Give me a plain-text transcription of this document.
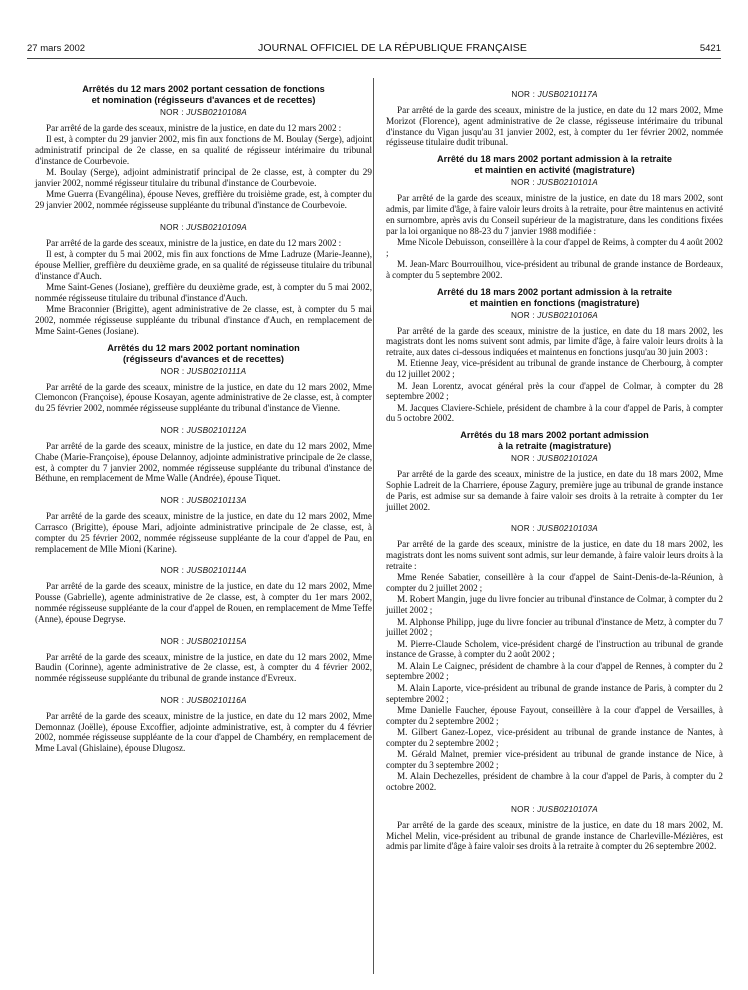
27 mars 2002	JOURNAL OFFICIEL DE LA RÉPUBLIQUE FRANÇAISE	5421
Arrêtés du 12 mars 2002 portant cessation de fonctions
et nomination (régisseurs d'avances et de recettes)
NOR : JUSB0210108A

Par arrêté de la garde des sceaux, ministre de la justice, en date du 12 mars 2002 :

Il est, à compter du 29 janvier 2002, mis fin aux fonctions de M. Boulay (Serge), adjoint administratif principal de 2e classe, en sa qualité de régisseur intérimaire du tribunal d'instance de Courbevoie.

M. Boulay (Serge), adjoint administratif principal de 2e classe, est, à compter du 29 janvier 2002, nommé régisseur titulaire du tribunal d'instance de Courbevoie.

Mme Guerra (Evangélina), épouse Neves, greffière du troisième grade, est, à compter du 29 janvier 2002, nommée régisseuse suppléante du tribunal d'instance de Courbevoie.

NOR : JUSB0210109A

Par arrêté de la garde des sceaux, ministre de la justice, en date du 12 mars 2002 :

Il est, à compter du 5 mai 2002, mis fin aux fonctions de Mme Ladruze (Marie-Jeanne), épouse Mellier, greffière du deuxième grade, en sa qualité de régisseuse titulaire du tribunal d'instance d'Auch.

Mme Saint-Genes (Josiane), greffière du deuxième grade, est, à compter du 5 mai 2002, nommée régisseuse titulaire du tribunal d'instance d'Auch.

Mme Braconnier (Brigitte), agent administrative de 2e classe, est, à compter du 5 mai 2002, nommée régisseuse suppléante du tribunal d'instance d'Auch, en remplacement de Mme Saint-Genes (Josiane).

Arrêtés du 12 mars 2002 portant nomination
(régisseurs d'avances et de recettes)
NOR : JUSB0210111A

Par arrêté de la garde des sceaux, ministre de la justice, en date du 12 mars 2002, Mme Clemoncon (Françoise), épouse Kosayan, agente administrative de 2e classe, est, à compter du 25 février 2002, nommée régisseuse suppléante du tribunal d'instance de Vienne.

NOR : JUSB0210112A

Par arrêté de la garde des sceaux, ministre de la justice, en date du 12 mars 2002, Mme Chabe (Marie-Françoise), épouse Delannoy, adjointe administrative principale de 2e classe, est, à compter du 7 janvier 2002, nommée régisseuse suppléante du tribunal d'instance de Béthune, en remplacement de Mme Walle (Andrée), épouse Tiquet.

NOR : JUSB0210113A

Par arrêté de la garde des sceaux, ministre de la justice, en date du 12 mars 2002, Mme Carrasco (Brigitte), épouse Mari, adjointe administrative principale de 2e classe, est, à compter du 25 février 2002, nommée régisseuse suppléante de la cour d'appel de Pau, en remplacement de Mlle Mioni (Karine).

NOR : JUSB0210114A

Par arrêté de la garde des sceaux, ministre de la justice, en date du 12 mars 2002, Mme Pousse (Gabrielle), agente administrative de 2e classe, est, à compter du 1er mars 2002, nommée régisseuse suppléante de la cour d'appel de Rouen, en remplacement de Mme Teffe (Anne), épouse Degryse.

NOR : JUSB0210115A

Par arrêté de la garde des sceaux, ministre de la justice, en date du 12 mars 2002, Mme Baudin (Corinne), agente administrative de 2e classe, est, à compter du 4 février 2002, nommée régisseuse suppléante du tribunal de grande instance d'Evreux.

NOR : JUSB0210116A

Par arrêté de la garde des sceaux, ministre de la justice, en date du 12 mars 2002, Mme Demonnaz (Joëlle), épouse Excoffier, adjointe administrative, est, à compter du 4 février 2002, nommée régisseuse suppléante de la cour d'appel de Chambéry, en remplacement de Mme Laval (Ghislaine), épouse Dlugosz.

NOR : JUSB0210117A

Par arrêté de la garde des sceaux, ministre de la justice, en date du 12 mars 2002, Mme Morizot (Florence), agent administrative de 2e classe, régisseuse intérimaire du tribunal d'instance du Vigan jusqu'au 31 janvier 2002, est, à compter du 1er février 2002, nommée régisseuse titulaire dudit tribunal.

Arrêté du 18 mars 2002 portant admission à la retraite
et maintien en activité (magistrature)
NOR : JUSB0210101A

Par arrêté de la garde des sceaux, ministre de la justice, en date du 18 mars 2002, sont admis, par limite d'âge, à faire valoir leurs droits à la retraite, pour être maintenus en activité en surnombre, après avis du Conseil supérieur de la magistrature, dans les conditions fixées par la loi organique no 88-23 du 7 janvier 1988 modifiée :

Mme Nicole Debuisson, conseillère à la cour d'appel de Reims, à compter du 4 août 2002 ;

M. Jean-Marc Bourrouilhou, vice-président au tribunal de grande instance de Bordeaux, à compter du 5 septembre 2002.

Arrêté du 18 mars 2002 portant admission à la retraite
et maintien en fonctions (magistrature)
NOR : JUSB0210106A

Par arrêté de la garde des sceaux, ministre de la justice, en date du 18 mars 2002, les magistrats dont les noms suivent sont admis, par limite d'âge, à faire valoir leurs droits à la retraite, aux dates ci-dessous indiquées et maintenus en fonctions jusqu'au 30 juin 2003 :

M. Etienne Jeay, vice-président au tribunal de grande instance de Cherbourg, à compter du 12 juillet 2002 ;

M. Jean Lorentz, avocat général près la cour d'appel de Colmar, à compter du 28 septembre 2002 ;

M. Jacques Claviere-Schiele, président de chambre à la cour d'appel de Paris, à compter du 5 octobre 2002.

Arrêtés du 18 mars 2002 portant admission
à la retraite (magistrature)
NOR : JUSB0210102A

Par arrêté de la garde des sceaux, ministre de la justice, en date du 18 mars 2002, Mme Sophie Ladreit de la Charriere, épouse Zagury, première juge au tribunal de grande instance de Paris, est admise sur sa demande à faire valoir ses droits à la retraite à compter du 1er juillet 2002.

NOR : JUSB0210103A

Par arrêté de la garde des sceaux, ministre de la justice, en date du 18 mars 2002, les magistrats dont les noms suivent sont admis, sur leur demande, à faire valoir leurs droits à la retraite :

Mme Renée Sabatier, conseillère à la cour d'appel de Saint-Denis-de-la-Réunion, à compter du 2 juillet 2002 ;

M. Robert Mangin, juge du livre foncier au tribunal d'instance de Colmar, à compter du 2 juillet 2002 ;

M. Alphonse Philipp, juge du livre foncier au tribunal d'instance de Metz, à compter du 7 juillet 2002 ;

M. Pierre-Claude Scholem, vice-président chargé de l'instruction au tribunal de grande instance de Grasse, à compter du 2 août 2002 ;

M. Alain Le Caignec, président de chambre à la cour d'appel de Rennes, à compter du 2 septembre 2002 ;

M. Alain Laporte, vice-président au tribunal de grande instance de Paris, à compter du 2 septembre 2002 ;

Mme Danielle Faucher, épouse Fayout, conseillère à la cour d'appel de Versailles, à compter du 2 septembre 2002 ;

M. Gilbert Ganez-Lopez, vice-président au tribunal de grande instance de Nantes, à compter du 2 septembre 2002 ;

M. Gérald Malnet, premier vice-président au tribunal de grande instance de Nice, à compter du 3 septembre 2002 ;

M. Alain Dechezelles, président de chambre à la cour d'appel de Paris, à compter du 2 octobre 2002.

NOR : JUSB0210107A

Par arrêté de la garde des sceaux, ministre de la justice, en date du 18 mars 2002, M. Michel Melin, vice-président au tribunal de grande instance de Charleville-Mézières, est admis par limite d'âge à faire valoir ses droits à la retraite à compter du 26 septembre 2002.
